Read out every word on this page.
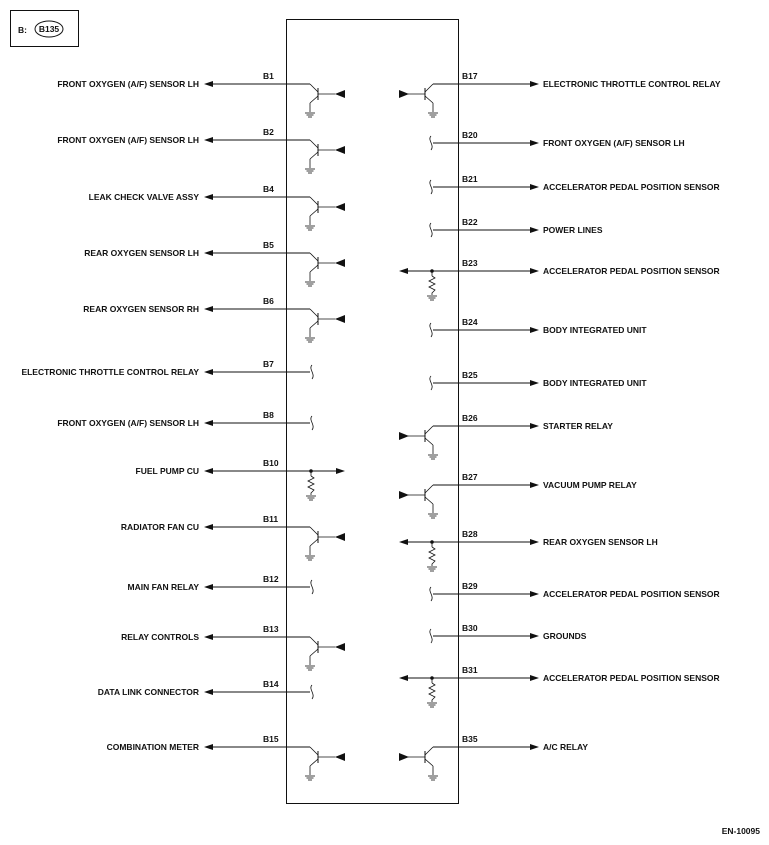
B: B135
FRONT OXYGEN (A/F) SENSOR LH
B1
FRONT OXYGEN (A/F) SENSOR LH
B2
LEAK CHECK VALVE ASSY
B4
REAR OXYGEN SENSOR LH
B5
REAR OXYGEN SENSOR RH
B6
ELECTRONIC THROTTLE CONTROL RELAY
B7
FRONT OXYGEN (A/F) SENSOR LH
B8
FUEL PUMP CU
B10
RADIATOR FAN CU
B11
MAIN FAN RELAY
B12
RELAY CONTROLS
B13
DATA LINK CONNECTOR
B14
COMBINATION METER
B15
ELECTRONIC THROTTLE CONTROL RELAY
B17
FRONT OXYGEN (A/F) SENSOR LH
B20
ACCELERATOR PEDAL POSITION SENSOR
B21
POWER LINES
B22
ACCELERATOR PEDAL POSITION SENSOR
B23
BODY INTEGRATED UNIT
B24
BODY INTEGRATED UNIT
B25
STARTER RELAY
B26
VACUUM PUMP RELAY
B27
REAR OXYGEN SENSOR LH
B28
ACCELERATOR PEDAL POSITION SENSOR
B29
GROUNDS
B30
ACCELERATOR PEDAL POSITION SENSOR
B31
A/C RELAY
B35
EN-10095
